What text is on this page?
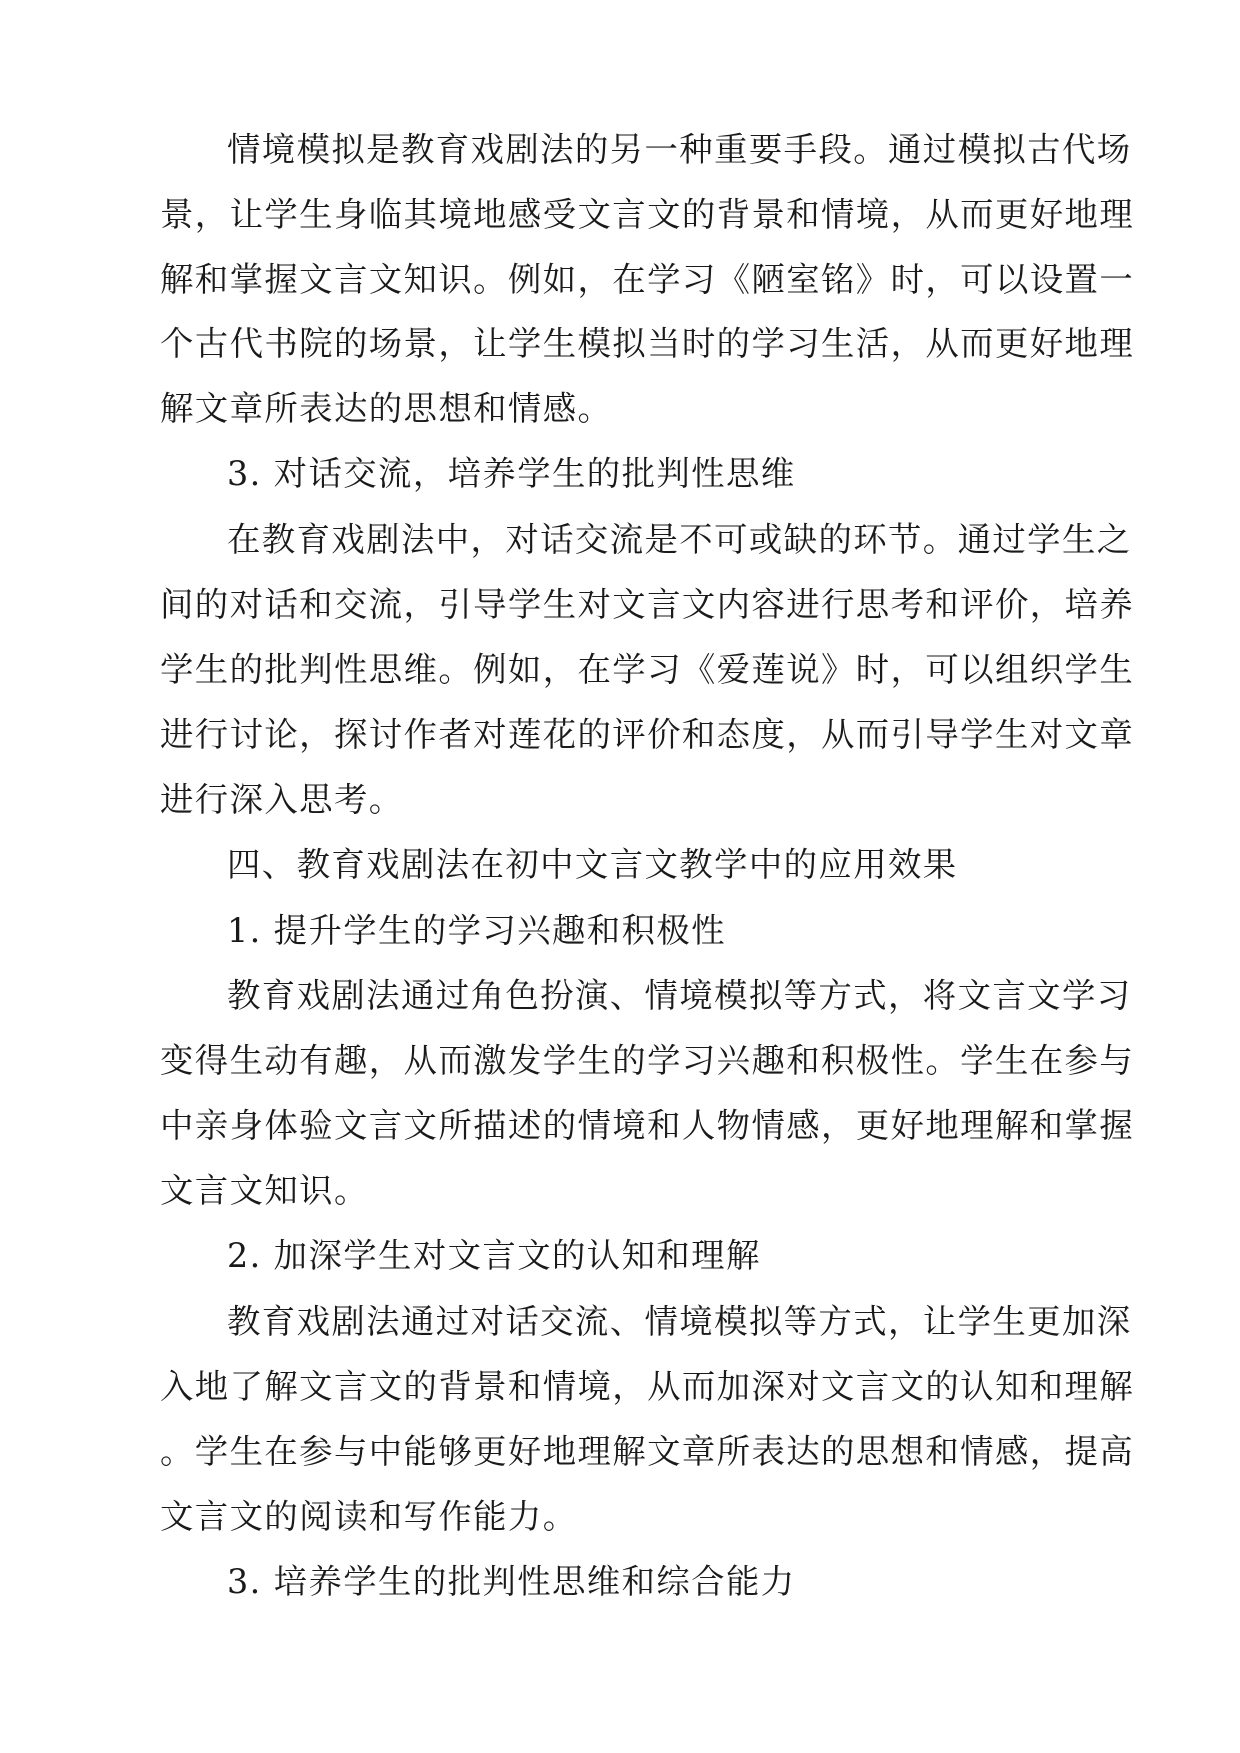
情境模拟是教育戏剧法的另一种重要手段。通过模拟古代场
景，让学生身临其境地感受文言文的背景和情境，从而更好地理
解和掌握文言文知识。例如，在学习《陋室铭》时，可以设置一
个古代书院的场景，让学生模拟当时的学习生活，从而更好地理
解文章所表达的思想和情感。
3. 对话交流，培养学生的批判性思维
在教育戏剧法中，对话交流是不可或缺的环节。通过学生之
间的对话和交流，引导学生对文言文内容进行思考和评价，培养
学生的批判性思维。例如，在学习《爱莲说》时，可以组织学生
进行讨论，探讨作者对莲花的评价和态度，从而引导学生对文章
进行深入思考。
四、教育戏剧法在初中文言文教学中的应用效果
1. 提升学生的学习兴趣和积极性
教育戏剧法通过角色扮演、情境模拟等方式，将文言文学习
变得生动有趣，从而激发学生的学习兴趣和积极性。学生在参与
中亲身体验文言文所描述的情境和人物情感，更好地理解和掌握
文言文知识。
2. 加深学生对文言文的认知和理解
教育戏剧法通过对话交流、情境模拟等方式，让学生更加深
入地了解文言文的背景和情境，从而加深对文言文的认知和理解
。学生在参与中能够更好地理解文章所表达的思想和情感，提高
文言文的阅读和写作能力。
3. 培养学生的批判性思维和综合能力
